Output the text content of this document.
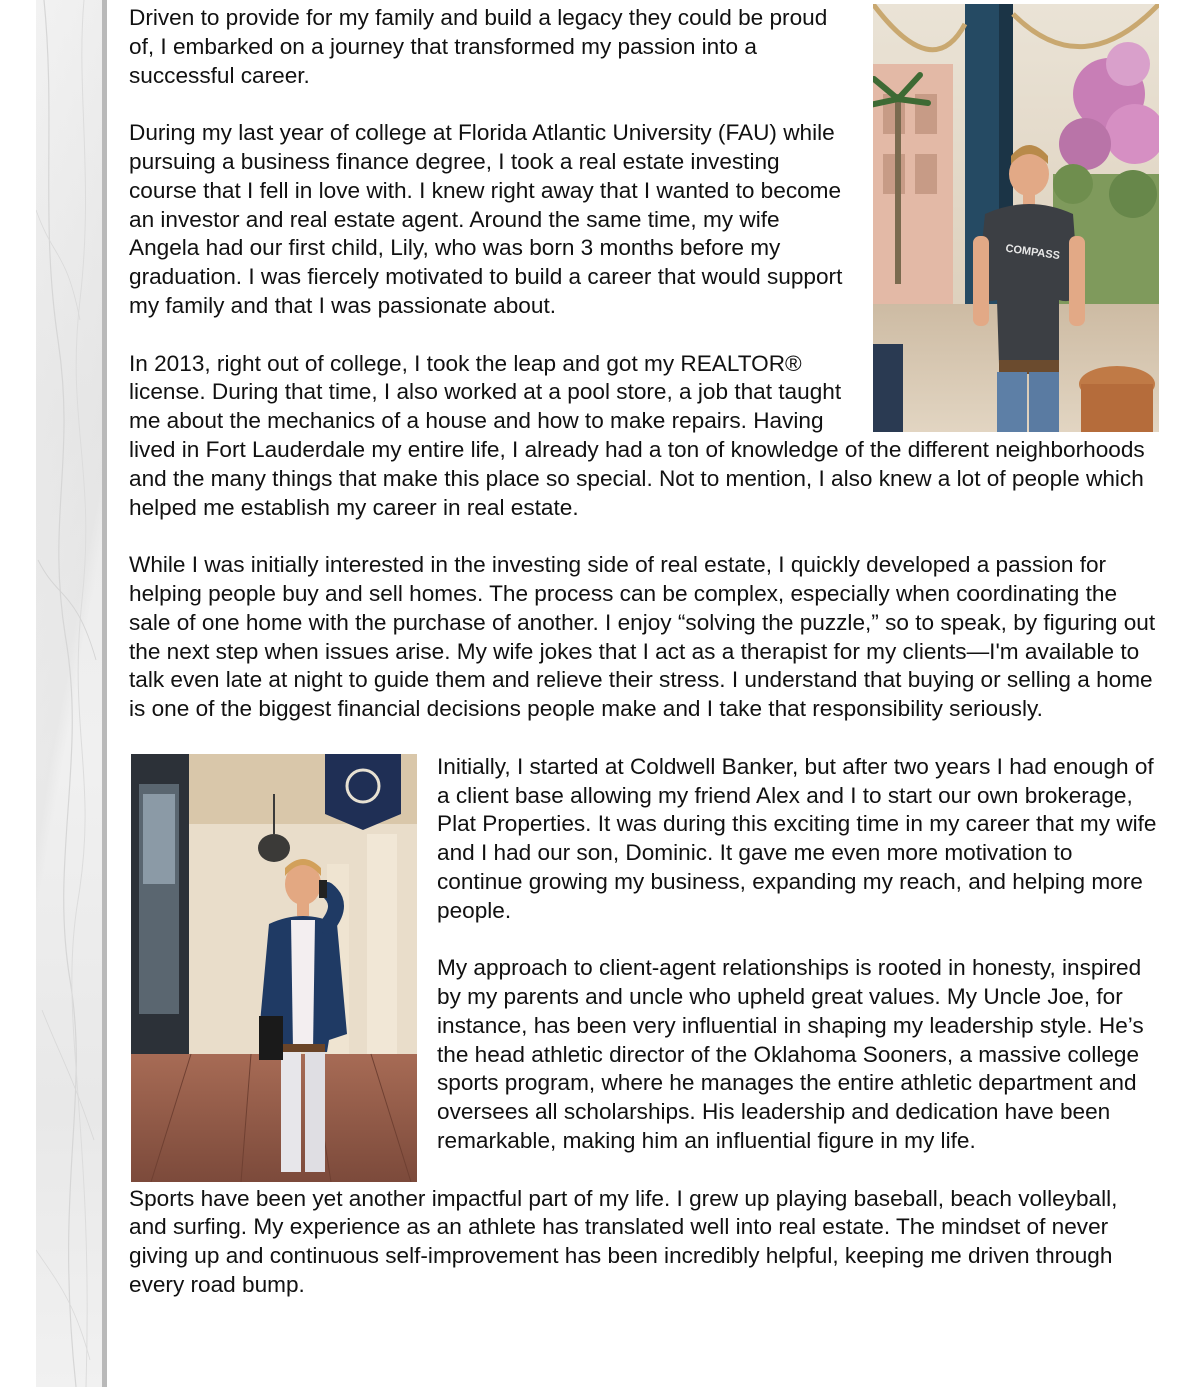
COMPASS

Driven to provide for my family and build a legacy they could be proud of, I embarked on a journey that transformed my passion into a successful career.

During my last year of college at Florida Atlantic University (FAU) while pursuing a business finance degree, I took a real estate investing course that I fell in love with. I knew right away that I wanted to become an investor and real estate agent. Around the same time, my wife Angela had our first child, Lily, who was born 3 months before my graduation. I was fiercely motivated to build a career that would support my family and that I was passionate about.

In 2013, right out of college, I took the leap and got my REALTOR® license. During that time, I also worked at a pool store, a job that taught me about the mechanics of a house and how to make repairs. Having lived in Fort Lauderdale my entire life, I already had a ton of knowledge of the different neighborhoods and the many things that make this place so special. Not to mention, I also knew a lot of people which helped me establish my career in real estate.

While I was initially interested in the investing side of real estate, I quickly developed a passion for helping people buy and sell homes. The process can be complex, especially when coordinating the sale of one home with the purchase of another. I enjoy “solving the puzzle,” so to speak, by figuring out the next step when issues arise. My wife jokes that I act as a therapist for my clients—I'm available to talk even late at night to guide them and relieve their stress. I understand that buying or selling a home is one of the biggest financial decisions people make and I take that responsibility seriously.

Initially, I started at Coldwell Banker, but after two years I had enough of a client base allowing my friend Alex and I to start our own brokerage, Plat Properties. It was during this exciting time in my career that my wife and I had our son, Dominic. It gave me even more motivation to continue growing my business, expanding my reach, and helping more people.

My approach to client-agent relationships is rooted in honesty, inspired by my parents and uncle who upheld great values. My Uncle Joe, for instance, has been very influential in shaping my leadership style. He’s the head athletic director of the Oklahoma Sooners, a massive college sports program, where he manages the entire athletic department and oversees all scholarships. His leadership and dedication have been remarkable, making him an influential figure in my life.

Sports have been yet another impactful part of my life. I grew up playing baseball, beach volleyball, and surfing. My experience as an athlete has translated well into real estate. The mindset of never giving up and continuous self-improvement has been incredibly helpful, keeping me driven through every road bump.
